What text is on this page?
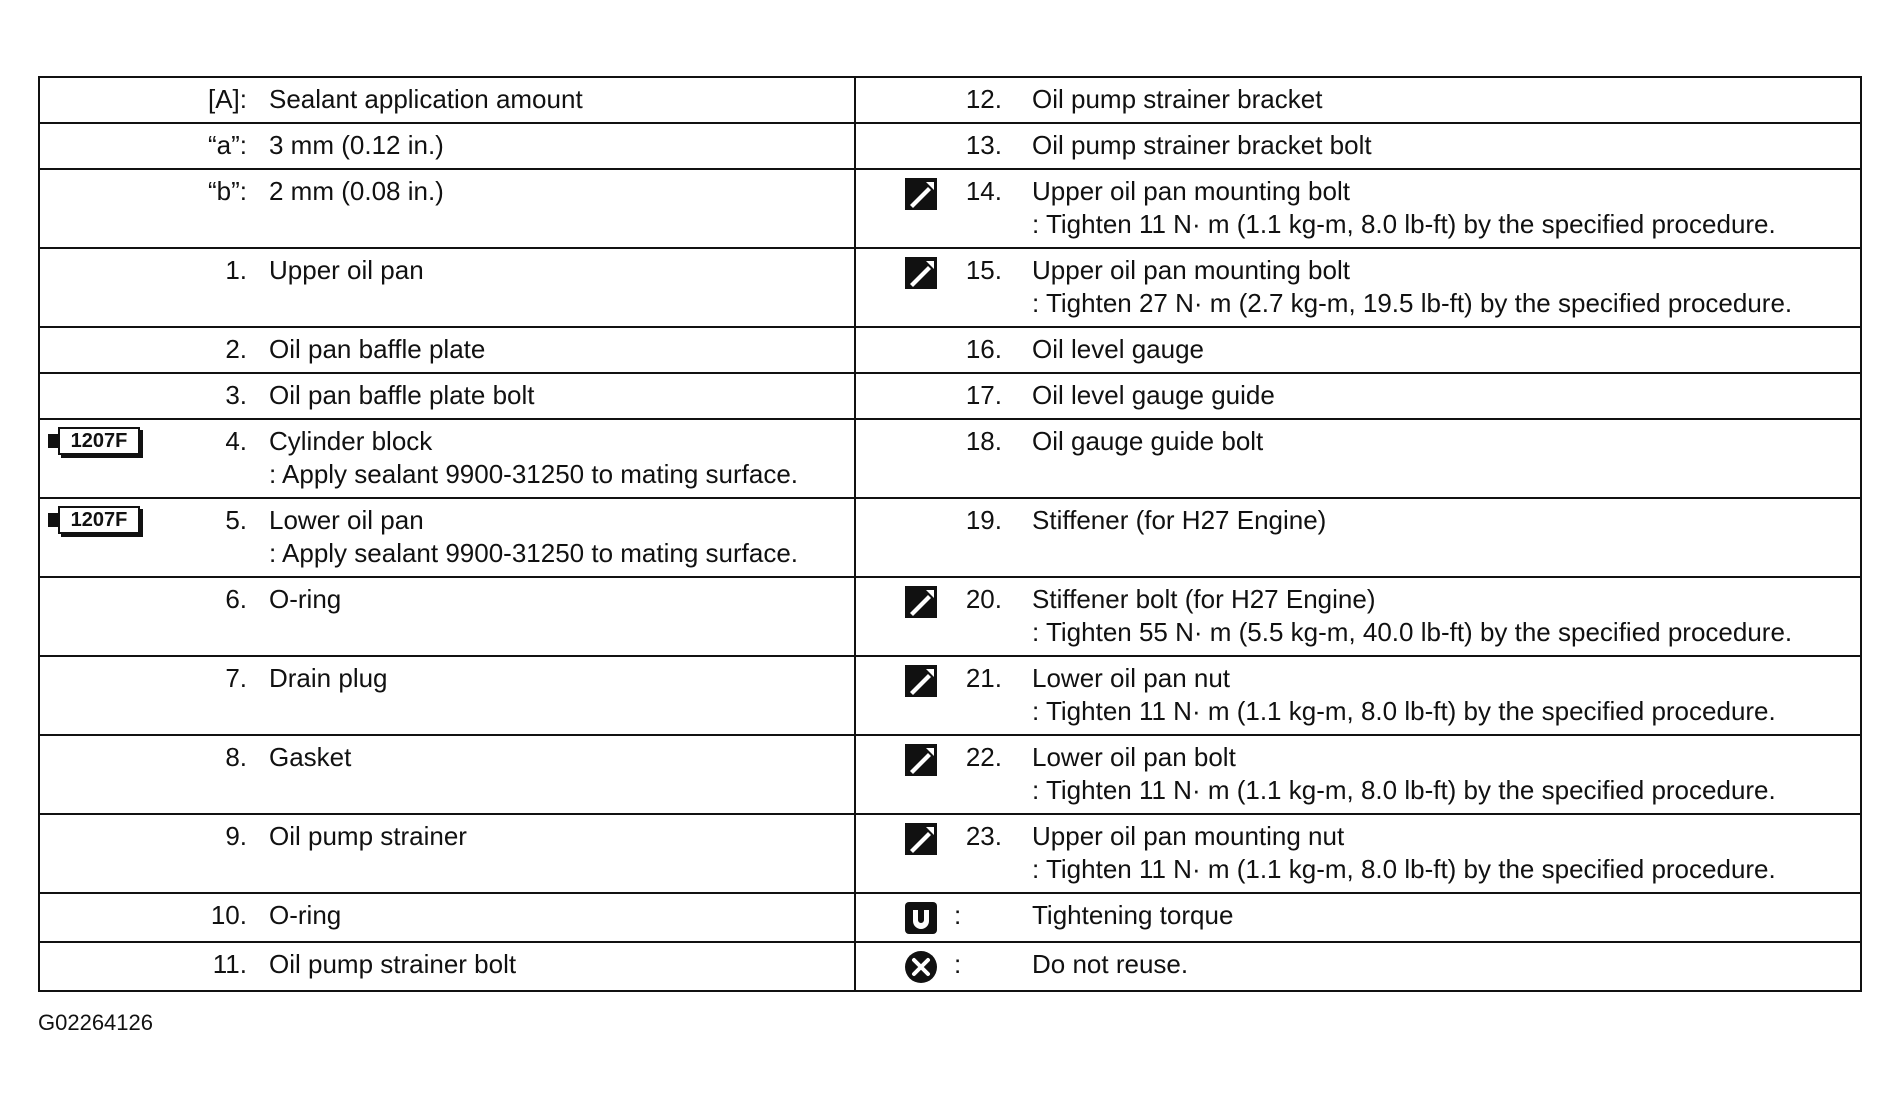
[A]: Sealant application amount	12. Oil pump strainer bracket

“a”: 3 mm (0.12 in.)	13. Oil pump strainer bracket bolt

“b”: 2 mm (0.08 in.)	14. Upper oil pan mounting bolt
: Tighten 11 N· m (1.1 kg-m, 8.0 lb-ft) by the specified procedure.

1. Upper oil pan	15. Upper oil pan mounting bolt
: Tighten 27 N· m (2.7 kg-m, 19.5 lb-ft) by the specified procedure.

2. Oil pan baffle plate	16. Oil level gauge

3. Oil pan baffle plate bolt	17. Oil level gauge guide

1207F 4. Cylinder block
: Apply sealant 9900-31250 to mating surface.	18. Oil gauge guide bolt

1207F 5. Lower oil pan
: Apply sealant 9900-31250 to mating surface.	19. Stiffener (for H27 Engine)

6. O-ring	20. Stiffener bolt (for H27 Engine)
: Tighten 55 N· m (5.5 kg-m, 40.0 lb-ft) by the specified procedure.

7. Drain plug	21. Lower oil pan nut
: Tighten 11 N· m (1.1 kg-m, 8.0 lb-ft) by the specified procedure.

8. Gasket	22. Lower oil pan bolt
: Tighten 11 N· m (1.1 kg-m, 8.0 lb-ft) by the specified procedure.

9. Oil pump strainer	23. Upper oil pan mounting nut
: Tighten 11 N· m (1.1 kg-m, 8.0 lb-ft) by the specified procedure.

10. O-ring	: Tightening torque

11. Oil pump strainer bolt	: Do not reuse.
G02264126
